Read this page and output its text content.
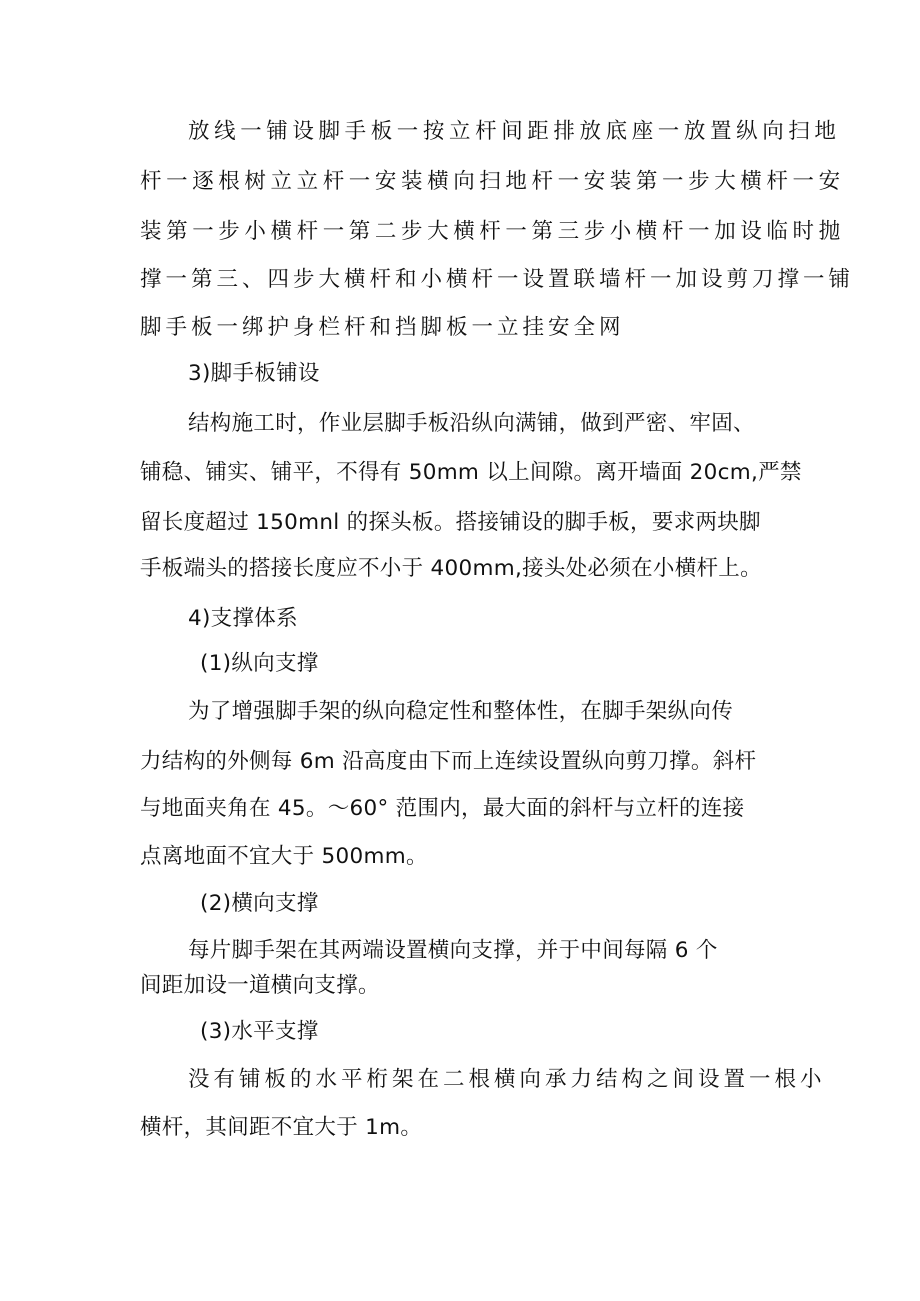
放线一铺设脚手板一按立杆间距排放底座一放置纵向扫地
杆一逐根树立立杆一安装横向扫地杆一安装第一步大横杆一安
装第一步小横杆一第二步大横杆一第三步小横杆一加设临时抛
撑一第三、四步大横杆和小横杆一设置联墙杆一加设剪刀撑一铺
脚手板一绑护身栏杆和挡脚板一立挂安全网
3)脚手板铺设
结构施工时，作业层脚手板沿纵向满铺，做到严密、牢固、
铺稳、铺实、铺平，不得有 50mm 以上间隙。离开墙面 20cm,严禁
留长度超过 150mnl 的探头板。搭接铺设的脚手板，要求两块脚
手板端头的搭接长度应不小于 400mm,接头处必须在小横杆上。
4)支撑体系
(1)纵向支撑
为了增强脚手架的纵向稳定性和整体性，在脚手架纵向传
力结构的外侧每 6m 沿高度由下而上连续设置纵向剪刀撑。斜杆
与地面夹角在 45。～60° 范围内，最大面的斜杆与立杆的连接
点离地面不宜大于 500mm。
(2)横向支撑
每片脚手架在其两端设置横向支撑，并于中间每隔 6 个
间距加设一道横向支撑。
(3)水平支撑
没有铺板的水平桁架在二根横向承力结构之间设置一根小
横杆，其间距不宜大于 1m。
